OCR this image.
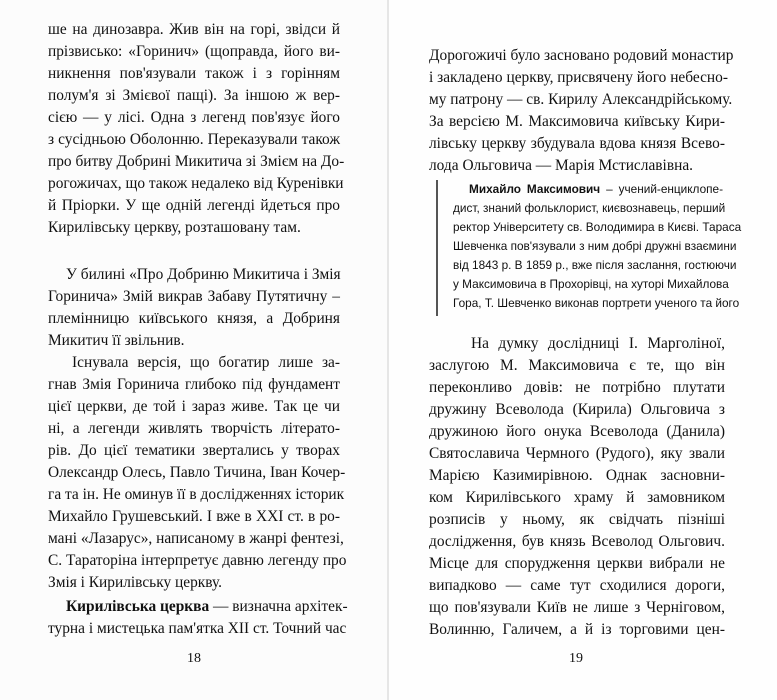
ше на динозавра. Жив він на горі, звідси й
прізвисько: «Горинич» (щоправда, його ви-
никнення пов'язували також і з горінням
полум'я зі Змієвої пащі). За іншою ж вер-
сією — у лісі. Одна з легенд пов'язує його
з сусідньою Оболонню. Переказували також
про битву Добрині Микитича зі Змієм на До-
рогожичах, що також недалеко від Куренівки
й Пріорки. У ще одній легенді йдеться про
Кирилівську церкву, розташовану там.
У билині «Про Добриню Микитича і Змія
Горинича» Змій викрав Забаву Путятичну –
племінницю київського князя, а Добриня
Микитич її звільнив.
Існувала версія, що богатир лише за-
гнав Змія Горинича глибоко під фундамент
цієї церкви, де той і зараз живе. Так це чи
ні, а легенди живлять творчість літерато-
рів. До цієї тематики звертались у творах
Олександр Олесь, Павло Тичина, Іван Кочер-
га та ін. Не оминув її в дослідженнях історик
Михайло Грушевський. І вже в ХХІ ст. в ро-
мані «Лазарус», написаному в жанрі фентезі,
С. Тараторіна інтерпретує давню легенду про
Змія і Кирилівську церкву.
Кирилівська церква — визначна архітек-
турна і мистецька пам'ятка ХІІ ст. Точний час
18
Дорогожичі було засновано родовий монастир
і закладено церкву, присвячену його небесно-
му патрону — св. Кирилу Александрійському.
За версією М. Максимовича київську Кири-
лівську церкву збудувала вдова князя Всево-
лода Ольговича — Марія Мстиславівна.
Михайло Максимович – учений-енциклопе-
дист, знаний фольклорист, києвознавець, перший
ректор Університету св. Володимира в Києві. Тараса
Шевченка пов'язували з ним добрі дружні взаємини
від 1843 р. В 1859 р., вже після заслання, гостюючи
у Максимовича в Прохорівці, на хуторі Михайлова
Гора, Т. Шевченко виконав портрети ученого та його
На думку дослідниці І. Марголіної,
заслугою М. Максимовича є те, що він
переконливо довів: не потрібно плутати
дружину Всеволода (Кирила) Ольговича з
дружиною його онука Всеволода (Данила)
Святославича Чермного (Рудого), яку звали
Марією Казимирівною. Однак засновни-
ком Кирилівського храму й замовником
розписів у ньому, як свідчать пізніші
дослідження, був князь Всеволод Ольгович.
Місце для спорудження церкви вибрали не
випадково — саме тут сходилися дороги,
що пов'язували Київ не лише з Черніговом,
Волинню, Галичем, а й із торговими цен-
19
